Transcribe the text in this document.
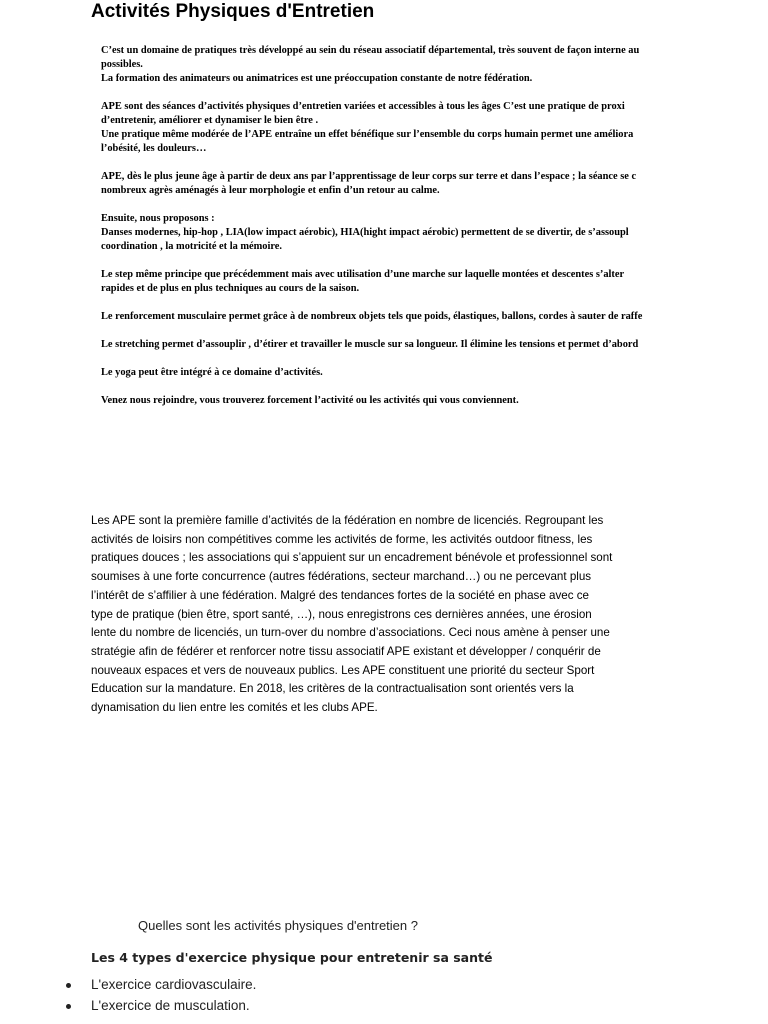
Activités Physiques d'Entretien
C’est un domaine de pratiques très développé au sein du réseau associatif départemental, très souvent de façon interne au
possibles.
La formation des animateurs ou animatrices est une préoccupation constante de notre fédération.
APE sont des séances d’activités physiques d’entretien variées et accessibles à tous les âges C’est une pratique de proxi
d’entretenir, améliorer et dynamiser le bien être .
Une pratique même modérée de l’APE entraîne un effet bénéfique sur l’ensemble du corps humain permet une améliora
l’obésité, les douleurs…
APE, dès le plus jeune âge à partir de deux ans par l’apprentissage de leur corps sur terre et dans l’espace ; la séance se c
nombreux agrès aménagés à leur morphologie et enfin d’un retour au calme.
Ensuite, nous proposons :
Danses modernes, hip-hop , LIA(low impact aérobic), HIA(hight impact aérobic) permettent de se divertir, de s’assoupl
coordination , la motricité et la mémoire.
Le step même principe que précédemment mais avec utilisation d’une marche sur laquelle montées et descentes s’alter
rapides et de plus en plus techniques au cours de la saison.
Le renforcement musculaire permet grâce à de nombreux objets tels que poids, élastiques, ballons, cordes à sauter de raffe
Le stretching permet d’assouplir , d’étirer et travailler le muscle sur sa longueur. Il élimine les tensions et permet d’abord
Le yoga peut être intégré à ce domaine d’activités.
Venez nous rejoindre, vous trouverez forcement l’activité ou les activités qui vous conviennent.
Les APE sont la première famille d’activités de la fédération en nombre de licenciés. Regroupant les
activités de loisirs non compétitives comme les activités de forme, les activités outdoor fitness, les
pratiques douces ; les associations qui s’appuient sur un encadrement bénévole et professionnel sont
soumises à une forte concurrence (autres fédérations, secteur marchand…) ou ne percevant plus
l’intérêt de s’affilier à une fédération. Malgré des tendances fortes de la société en phase avec ce
type de pratique (bien être, sport santé, …), nous enregistrons ces dernières années, une érosion
lente du nombre de licenciés, un turn-over du nombre d’associations. Ceci nous amène à penser une
stratégie afin de fédérer et renforcer notre tissu associatif APE existant et développer / conquérir de
nouveaux espaces et vers de nouveaux publics. Les APE constituent une priorité du secteur Sport
Education sur la mandature. En 2018, les critères de la contractualisation sont orientés vers la
dynamisation du lien entre les comités et les clubs APE.
Quelles sont les activités physiques d'entretien ?
Les 4 types d'exercice physique pour entretenir sa santé
L'exercice cardiovasculaire.
L'exercice de musculation.
